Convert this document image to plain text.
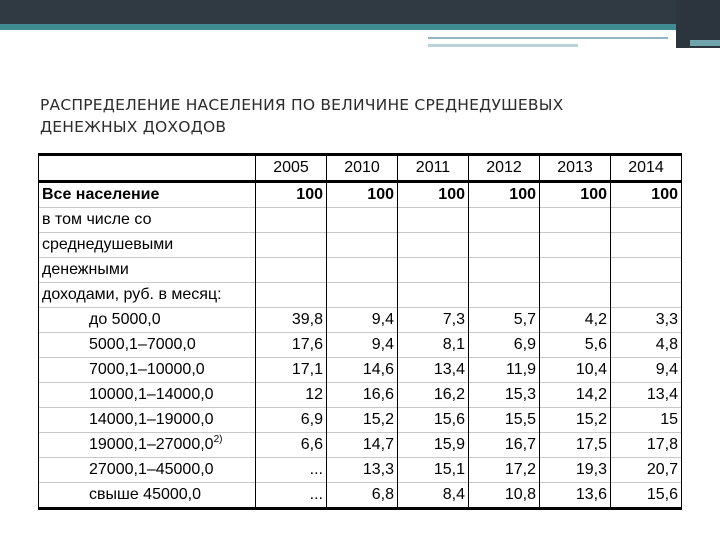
РАСПРЕДЕЛЕНИЕ НАСЕЛЕНИЯ ПО ВЕЛИЧИНЕ СРЕДНЕДУШЕВЫХ
ДЕНЕЖНЫХ ДОХОДОВ
	2005	2010	2011	2012	2013	2014
Все население	100	100	100	100	100	100
в том числе со						
среднедушевыми						
денежными						
доходами, руб. в месяц:						
до 5000,0	39,8	9,4	7,3	5,7	4,2	3,3
5000,1–7000,0	17,6	9,4	8,1	6,9	5,6	4,8
7000,1–10000,0	17,1	14,6	13,4	11,9	10,4	9,4
10000,1–14000,0	12	16,6	16,2	15,3	14,2	13,4
14000,1–19000,0	6,9	15,2	15,6	15,5	15,2	15
19000,1–27000,0$^{2)}$	6,6	14,7	15,9	16,7	17,5	17,8
27000,1–45000,0	...	13,3	15,1	17,2	19,3	20,7
свыше 45000,0	...	6,8	8,4	10,8	13,6	15,6
